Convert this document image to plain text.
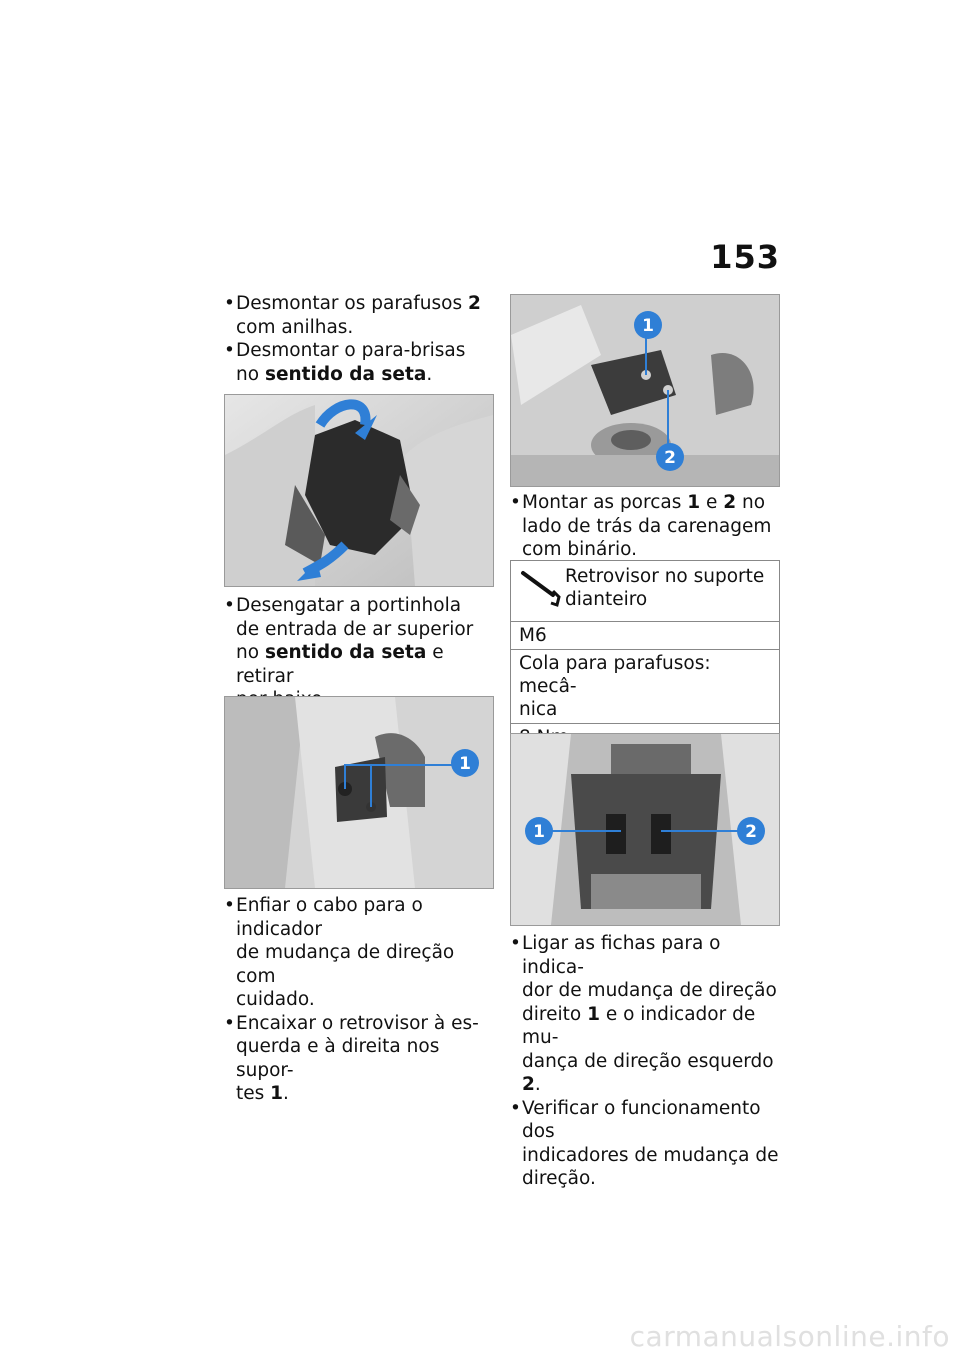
153
• Desmontar os parafusos 2
com anilhas.
• Desmontar o para-brisas
no sentido da seta.
• Desengatar a portinhola
de entrada de ar superior
no sentido da seta e retirar

1
• Enfiar o cabo para o indicador
de mudança de direção com
cuidado.
• Encaixar o retrovisor à es-
querda e à direita nos supor-
tes 1.
1
2
• Montar as porcas 1 e 2 no
lado de trás da carenagem
com binário.
Retrovisor no suporte
dianteiro
M6
Cola para parafusos: mecâ-
nica
1	2
• Ligar as fichas para o indica-
dor de mudança de direção
direito 1 e o indicador de mu-
dança de direção esquerdo 2.
• Verificar o funcionamento dos
indicadores de mudança de
direção.
carmanualsonline.info
